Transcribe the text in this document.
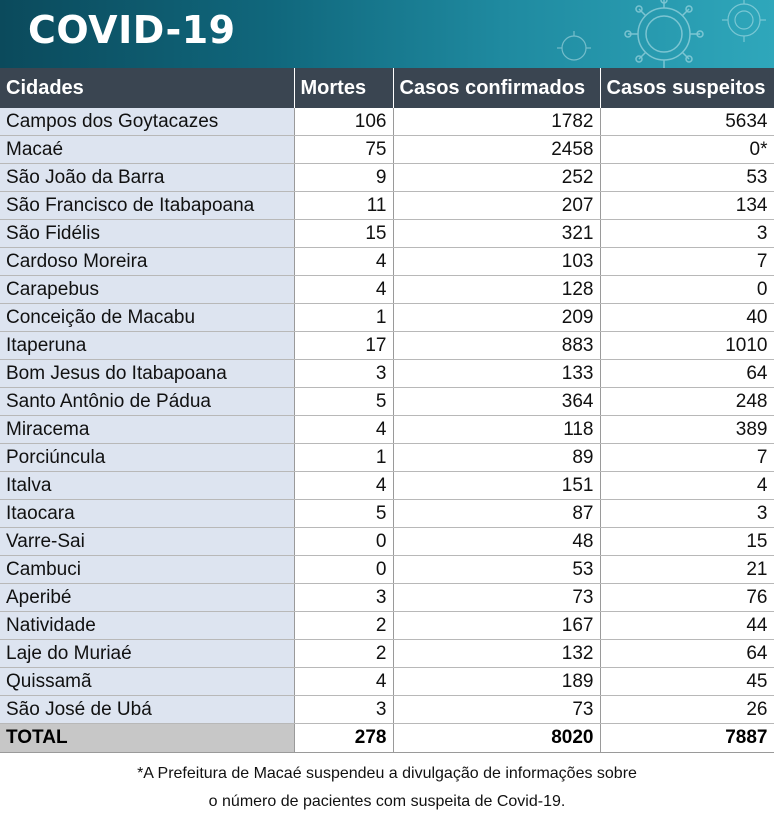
COVID-19
Cidades	Mortes	Casos confirmados	Casos suspeitos
Campos dos Goytacazes	106	1782	5634
Macaé	75	2458	0*
São João da Barra	9	252	53
São Francisco de Itabapoana	11	207	134
São Fidélis	15	321	3
Cardoso Moreira	4	103	7
Carapebus	4	128	0
Conceição de Macabu	1	209	40
Itaperuna	17	883	1010
Bom Jesus do Itabapoana	3	133	64
Santo Antônio de Pádua	5	364	248
Miracema	4	118	389
Porciúncula	1	89	7
Italva	4	151	4
Itaocara	5	87	3
Varre-Sai	0	48	15
Cambuci	0	53	21
Aperibé	3	73	76
Natividade	2	167	44
Laje do Muriaé	2	132	64
Quissamã	4	189	45
São José de Ubá	3	73	26
TOTAL	278	8020	7887
*A Prefeitura de Macaé suspendeu a divulgação de informações sobre
o número de pacientes com suspeita de Covid-19.
